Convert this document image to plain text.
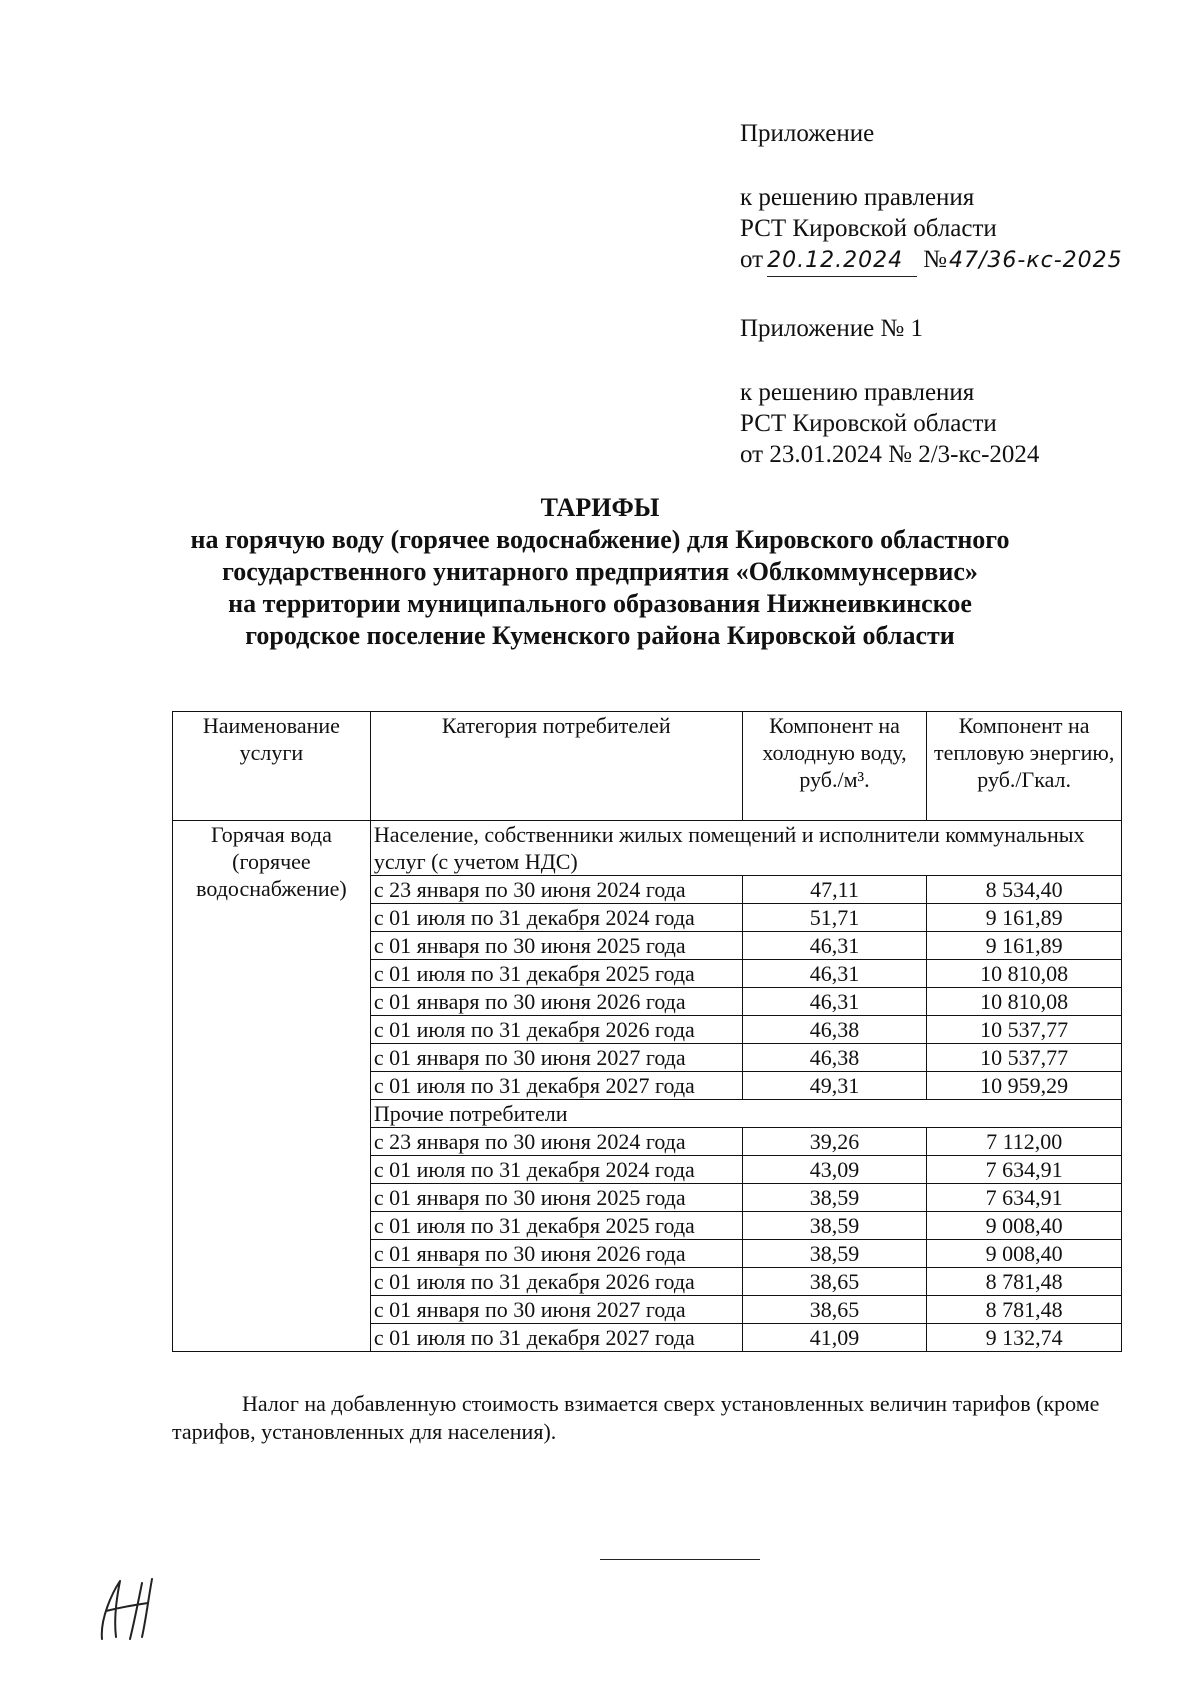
Приложение

к решению правления

РСТ Кировской области

от 20.12.2024 №47/36-кс-2025

Приложение № 1

к решению правления

РСТ Кировской области

от 23.01.2024 № 2/3-кс-2024

ТАРИФЫ

на горячую воду (горячее водоснабжение) для Кировского областного

государственного унитарного предприятия «Облкоммунсервис»

на территории муниципального образования Нижнеивкинское

городское поселение Куменского района Кировской области

Наименование услуги	Категория потребителей	Компонент на холодную воду, руб./м³.	Компонент на тепловую энергию, руб./Гкал.
Горячая вода (горячее водоснабжение)	Население, собственники жилых помещений и исполнители коммунальных услуг (с учетом НДС)		
	с 23 января по 30 июня 2024 года	47,11	8 534,40
	с 01 июля по 31 декабря 2024 года	51,71	9 161,89
	с 01 января по 30 июня 2025 года	46,31	9 161,89
	с 01 июля по 31 декабря 2025 года	46,31	10 810,08
	с 01 января по 30 июня 2026 года	46,31	10 810,08
	с 01 июля по 31 декабря 2026 года	46,38	10 537,77
	с 01 января по 30 июня 2027 года	46,38	10 537,77
	с 01 июля по 31 декабря 2027 года	49,31	10 959,29
	Прочие потребители		
	с 23 января по 30 июня 2024 года	39,26	7 112,00
	с 01 июля по 31 декабря 2024 года	43,09	7 634,91
	с 01 января по 30 июня 2025 года	38,59	7 634,91
	с 01 июля по 31 декабря 2025 года	38,59	9 008,40
	с 01 января по 30 июня 2026 года	38,59	9 008,40
	с 01 июля по 31 декабря 2026 года	38,65	8 781,48
	с 01 января по 30 июня 2027 года	38,65	8 781,48
	с 01 июля по 31 декабря 2027 года	41,09	9 132,74

Налог на добавленную стоимость взимается сверх установленных величин тарифов (кроме тарифов, установленных для населения).
